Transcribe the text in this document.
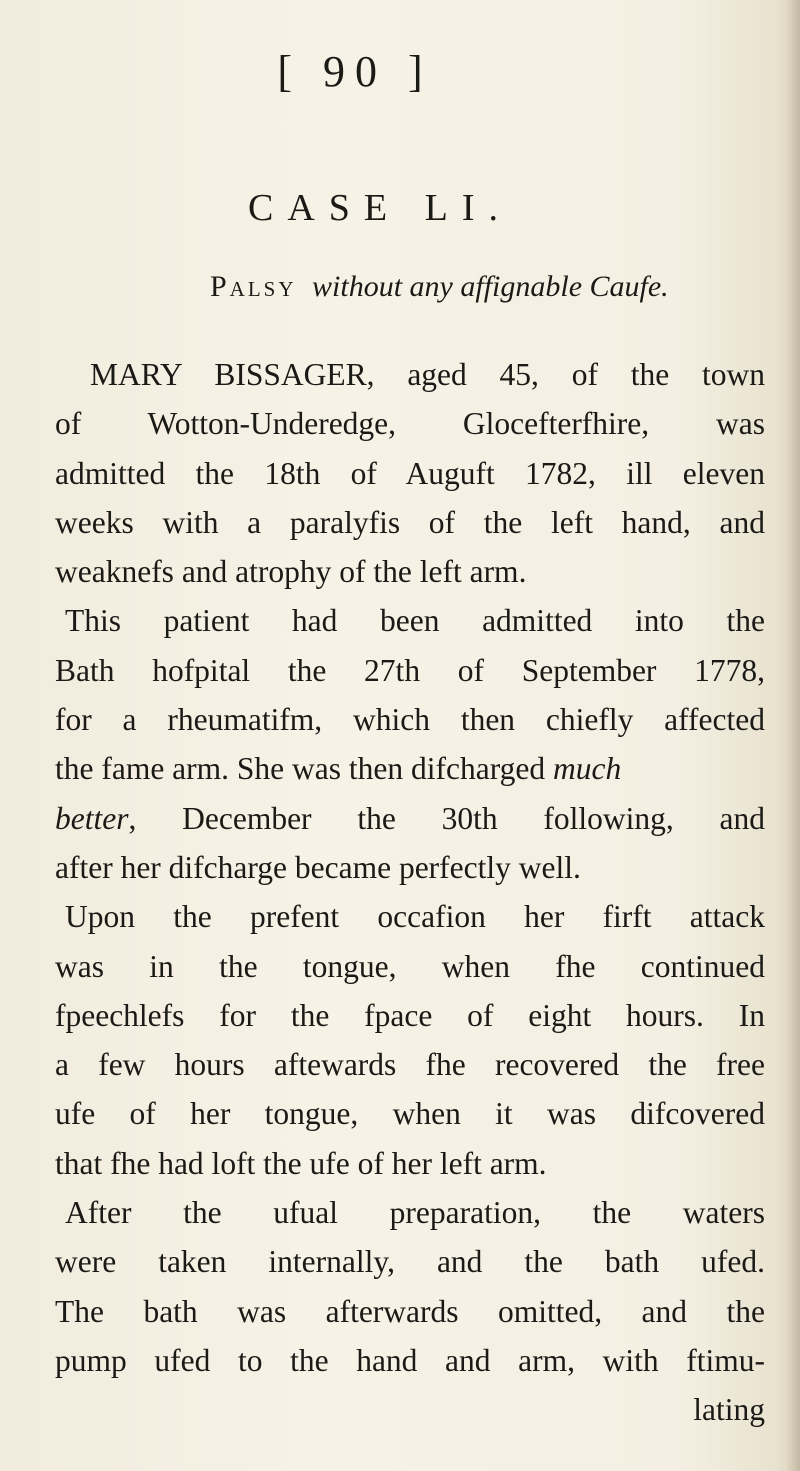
[ 90 ]
CASE LI.
Palsy without any affignable Caufe.
MARY BISSAGER, aged 45, of the town
of Wotton-Underedge, Glocefterfhire, was
admitted the 18th of Auguft 1782, ill eleven
weeks with a paralyfis of the left hand, and
weaknefs and atrophy of the left arm.
This patient had been admitted into the
Bath hofpital the 27th of September 1778,
for a rheumatifm, which then chiefly affected
the fame arm. She was then difcharged much
better, December the 30th following, and
after her difcharge became perfectly well.
Upon the prefent occafion her firft attack
was in the tongue, when fhe continued
fpeechlefs for the fpace of eight hours. In
a few hours aftewards fhe recovered the free
ufe of her tongue, when it was difcovered
that fhe had loft the ufe of her left arm.
After the ufual preparation, the waters
were taken internally, and the bath ufed.
The bath was afterwards omitted, and the
pump ufed to the hand and arm, with ftimu-
lating
